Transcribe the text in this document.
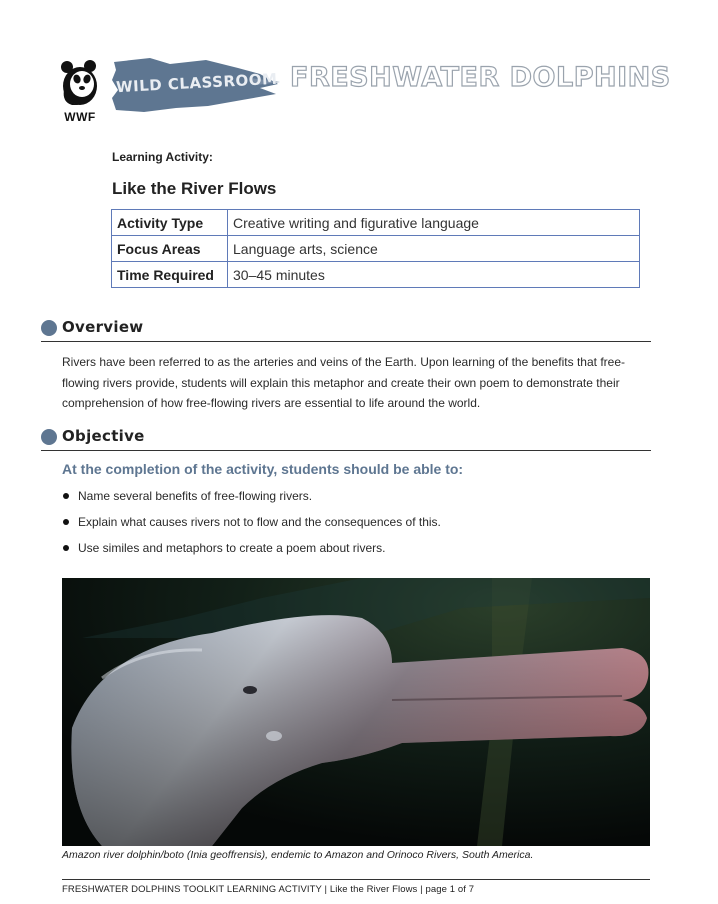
WWF
WILD CLASSROOM FRESHWATER DOLPHINS
Learning Activity:
Like the River Flows
Activity Type	Creative writing and figurative language
Focus Areas	Language arts, science
Time Required	30–45 minutes
Overview
Rivers have been referred to as the arteries and veins of the Earth. Upon learning of the benefits that free-
flowing rivers provide, students will explain this metaphor and create their own poem to demonstrate their
comprehension of how free-flowing rivers are essential to life around the world.
Objective
At the completion of the activity, students should be able to:
Name several benefits of free-flowing rivers.
Explain what causes rivers not to flow and the consequences of this.
Use similes and metaphors to create a poem about rivers.
Amazon river dolphin/boto (Inia geoffrensis), endemic to Amazon and Orinoco Rivers, South America.
FRESHWATER DOLPHINS TOOLKIT LEARNING ACTIVITY | Like the River Flows | page 1 of 7
